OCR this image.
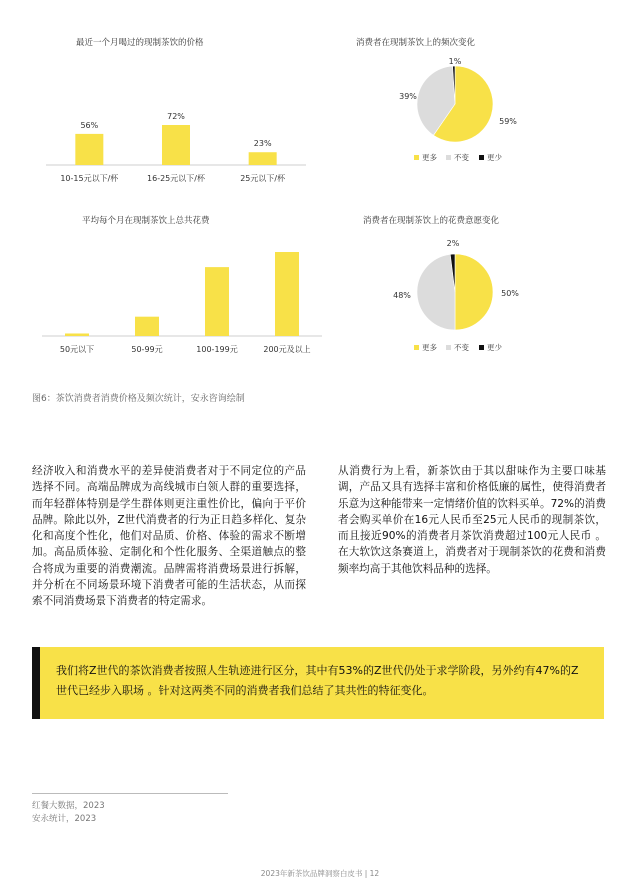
最近一个月喝过的现制茶饮的价格
56%
10-15元以下/杯
72%
16-25元以下/杯
23%
25元以下/杯
消费者在现制茶饮上的频次变化
59%
39%
1%
更多 不变 更少
平均每个月在现制茶饮上总共花费
50元以下	50-99元	100-199元	200元及以上
消费者在现制茶饮上的花费意愿变化
50%
48%
2%
更多 不变 更少
图6：茶饮消费者消费价格及频次统计，安永咨询绘制

经济收入和消费水平的差异使消费者对于不同定位的产品选择不同。高端品牌成为高线城市白领人群的重要选择，而年轻群体特别是学生群体则更注重性价比，偏向于平价品牌。除此以外，Z世代消费者的行为正日趋多样化、复杂化和高度个性化，他们对品质、价格、体验的需求不断增加。高品质体验、定制化和个性化服务、全渠道触点的整合将成为重要的消费潮流。品牌需将消费场景进行拆解，并分析在不同场景环境下消费者可能的生活状态，从而探索不同消费场景下消费者的特定需求。

从消费行为上看，新茶饮由于其以甜味作为主要口味基调，产品又具有选择丰富和价格低廉的属性，使得消费者乐意为这种能带来一定情绪价值的饮料买单。72%的消费者会购买单价在16元人民币至25元人民币的现制茶饮，而且接近90%的消费者月茶饮消费超过100元人民币 。在大软饮这条赛道上，消费者对于现制茶饮的花费和消费频率均高于其他饮料品种的选择。

我们将Z世代的茶饮消费者按照人生轨迹进行区分，其中有53%的Z世代仍处于求学阶段，另外约有47%的Z世代已经步入职场 。针对这两类不同的消费者我们总结了其共性的特征变化。
红餐大数据，2023
安永统计，2023
2023年新茶饮品牌洞察白皮书 | 12
